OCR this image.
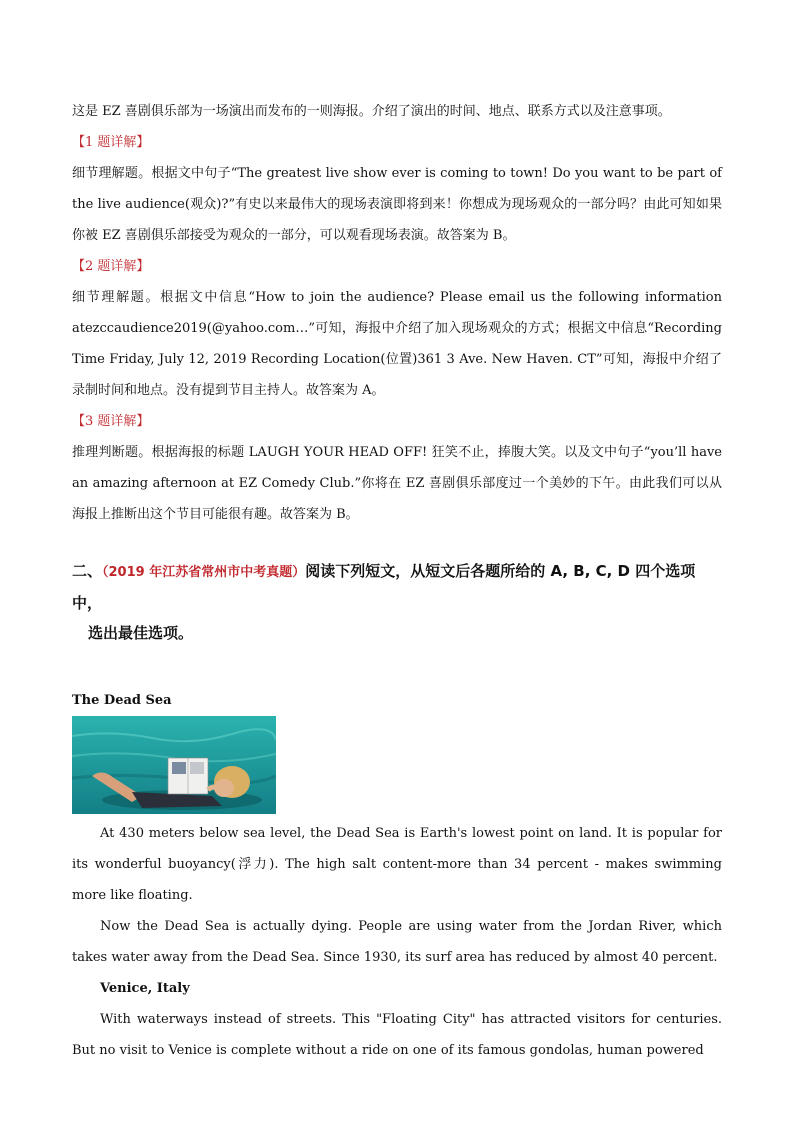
这是 EZ 喜剧俱乐部为一场演出而发布的一则海报。介绍了演出的时间、地点、联系方式以及注意事项。

【1 题详解】

细节理解题。根据文中句子“The greatest live show ever is coming to town! Do you want to be part of the live audience(观众)?”有史以来最伟大的现场表演即将到来！你想成为现场观众的一部分吗？由此可知如果你被 EZ 喜剧俱乐部接受为观众的一部分，可以观看现场表演。故答案为 B。

【2 题详解】

细节理解题。根据文中信息“How to join the audience? Please email us the following information atezccaudience2019(@yahoo.com…”可知，海报中介绍了加入现场观众的方式；根据文中信息“Recording Time Friday, July 12, 2019 Recording Location(位置)361 3 Ave. New Haven. CT”可知，海报中介绍了录制时间和地点。没有提到节目主持人。故答案为 A。

【3 题详解】

推理判断题。根据海报的标题 LAUGH YOUR HEAD OFF! 狂笑不止，捧腹大笑。以及文中句子“you’ll have an amazing afternoon at EZ Comedy Club.”你将在 EZ 喜剧俱乐部度过一个美妙的下午。由此我们可以从海报上推断出这个节目可能很有趣。故答案为 B。

二、（2019 年江苏省常州市中考真题）阅读下列短文，从短文后各题所给的 A, B, C, D 四个选项中，
选出最佳选项。
The Dead Sea

At 430 meters below sea level, the Dead Sea is Earth's lowest point on land. It is popular for its wonderful buoyancy(浮力). The high salt content-more than 34 percent - makes swimming more like floating.

Now the Dead Sea is actually dying. People are using water from the Jordan River, which takes water away from the Dead Sea. Since 1930, its surf area has reduced by almost 40 percent.

Venice, Italy

With waterways instead of streets. This "Floating City" has attracted visitors for centuries. But no visit to Venice is complete without a ride on one of its famous gondolas, human powered
